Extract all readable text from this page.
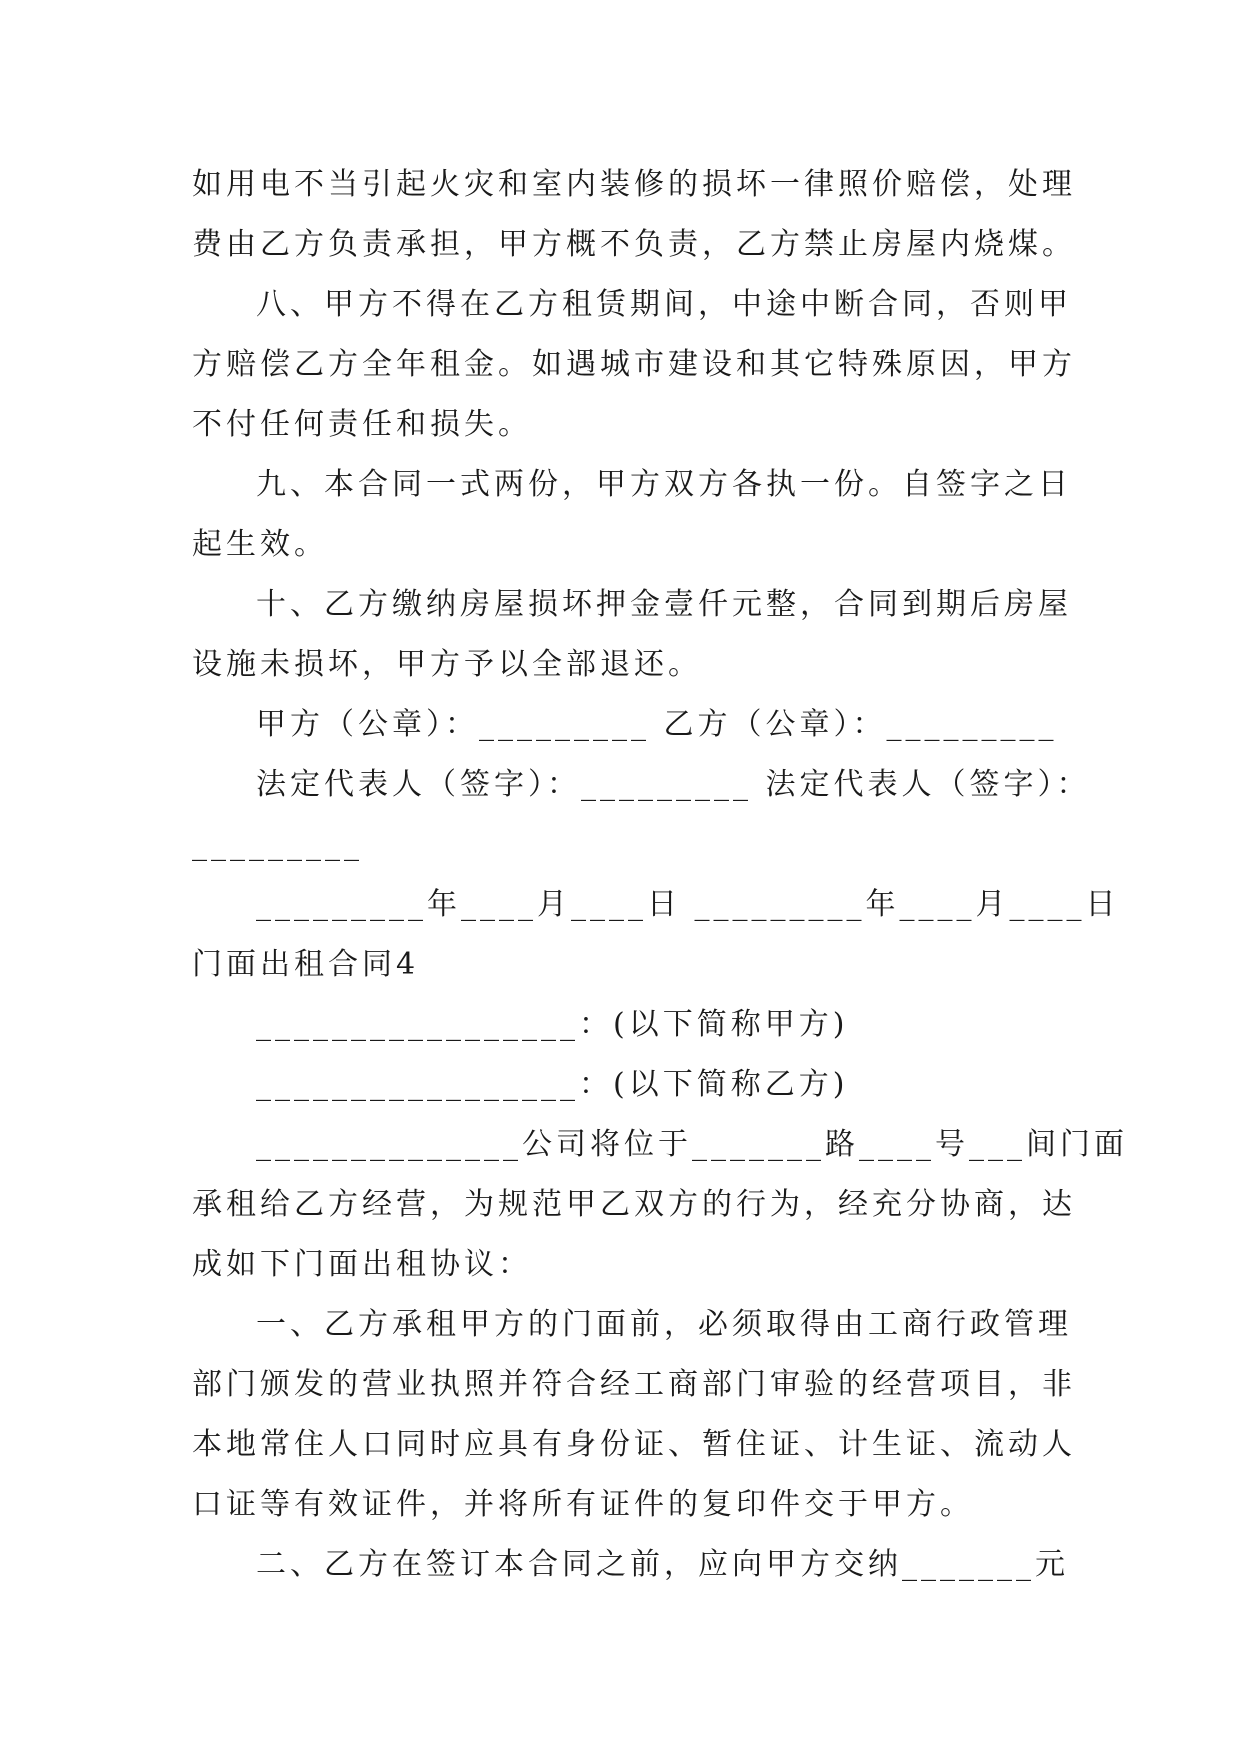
如用电不当引起火灾和室内装修的损坏一律照价赔偿，处理
费由乙方负责承担，甲方概不负责，乙方禁止房屋内烧煤。
八、甲方不得在乙方租赁期间，中途中断合同，否则甲
方赔偿乙方全年租金。如遇城市建设和其它特殊原因，甲方
不付任何责任和损失。
九、本合同一式两份，甲方双方各执一份。自签字之日
起生效。
十、乙方缴纳房屋损坏押金壹仟元整，合同到期后房屋
设施未损坏，甲方予以全部退还。
甲方（公章）：_________ 乙方（公章）：_________
法定代表人（签字）：_________ 法定代表人（签字）：
_________
_________年____月____日 _________年____月____日
门面出租合同4
_________________：(以下简称甲方)
_________________：(以下简称乙方)
______________公司将位于_______路____号___间门面
承租给乙方经营，为规范甲乙双方的行为，经充分协商，达
成如下门面出租协议：
一、乙方承租甲方的门面前，必须取得由工商行政管理
部门颁发的营业执照并符合经工商部门审验的经营项目，非
本地常住人口同时应具有身份证、暂住证、计生证、流动人
口证等有效证件，并将所有证件的复印件交于甲方。
二、乙方在签订本合同之前，应向甲方交纳_______元
